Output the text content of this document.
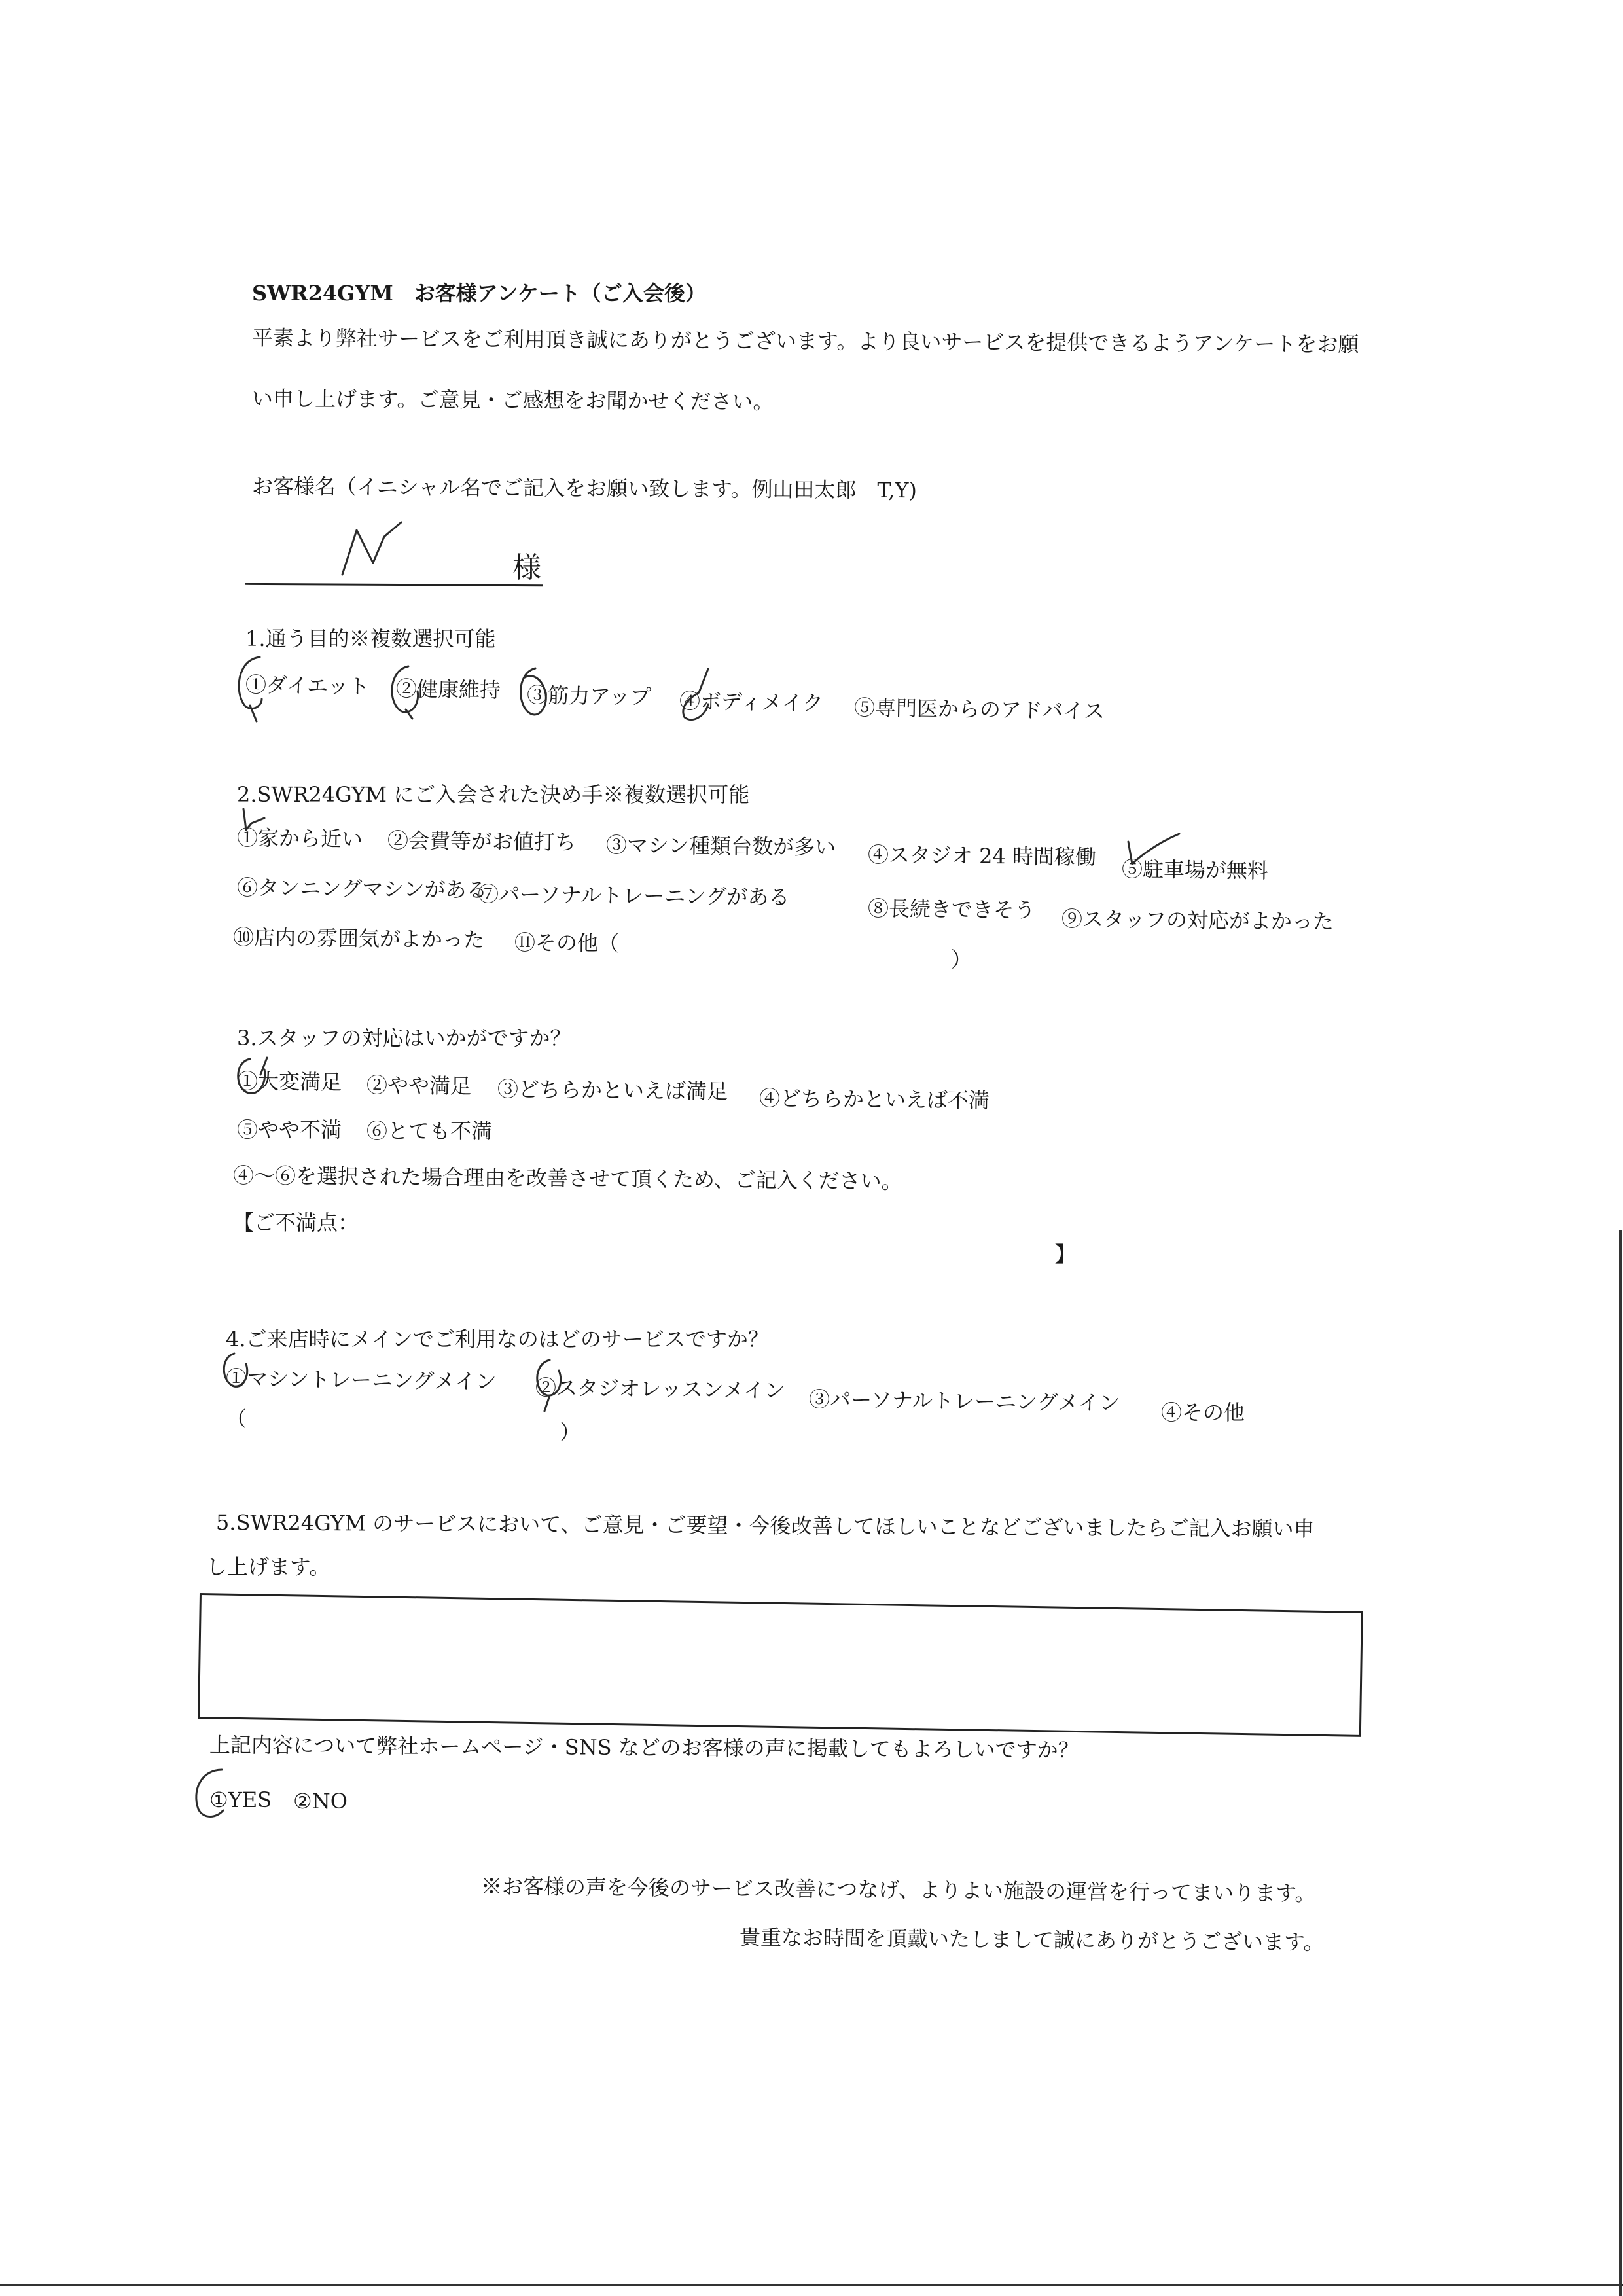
SWR24GYM　お客様アンケート（ご入会後）
平素より弊社サービスをご利用頂き誠にありがとうございます。より良いサービスを提供できるようアンケートをお願
い申し上げます。ご意見・ご感想をお聞かせください。
お客様名（イニシャル名でご記入をお願い致します。例山田太郎　T,Y)
様
1.通う目的※複数選択可能
①ダイエット ②健康維持 ③筋力アップ ④ボディメイク ⑤専門医からのアドバイス
2.SWR24GYM にご入会された決め手※複数選択可能
①家から近い ②会費等がお値打ち ③マシン種類台数が多い ④スタジオ 24 時間稼働
⑤駐車場が無料
⑥タンニングマシンがある
⑦パーソナルトレーニングがある	⑧長続きできそう ⑨スタッフの対応がよかった
⑩店内の雰囲気がよかった ⑪その他（
）
3.スタッフの対応はいかがですか？
①大変満足 ②やや満足 ③どちらかといえば満足 ④どちらかといえば不満
⑤やや不満 ⑥とても不満
④～⑥を選択された場合理由を改善させて頂くため、ご記入ください。
【ご不満点：
】
4.ご来店時にメインでご利用なのはどのサービスですか？
①マシントレーニングメイン ②スタジオレッスンメイン ③パーソナルトレーニングメイン ④その他
（
）
5.SWR24GYM のサービスにおいて、ご意見・ご要望・今後改善してほしいことなどございましたらご記入お願い申
し上げます。
上記内容について弊社ホームページ・SNS などのお客様の声に掲載してもよろしいですか？
①YES ②NO
※お客様の声を今後のサービス改善につなげ、よりよい施設の運営を行ってまいります。
貴重なお時間を頂戴いたしまして誠にありがとうございます。
